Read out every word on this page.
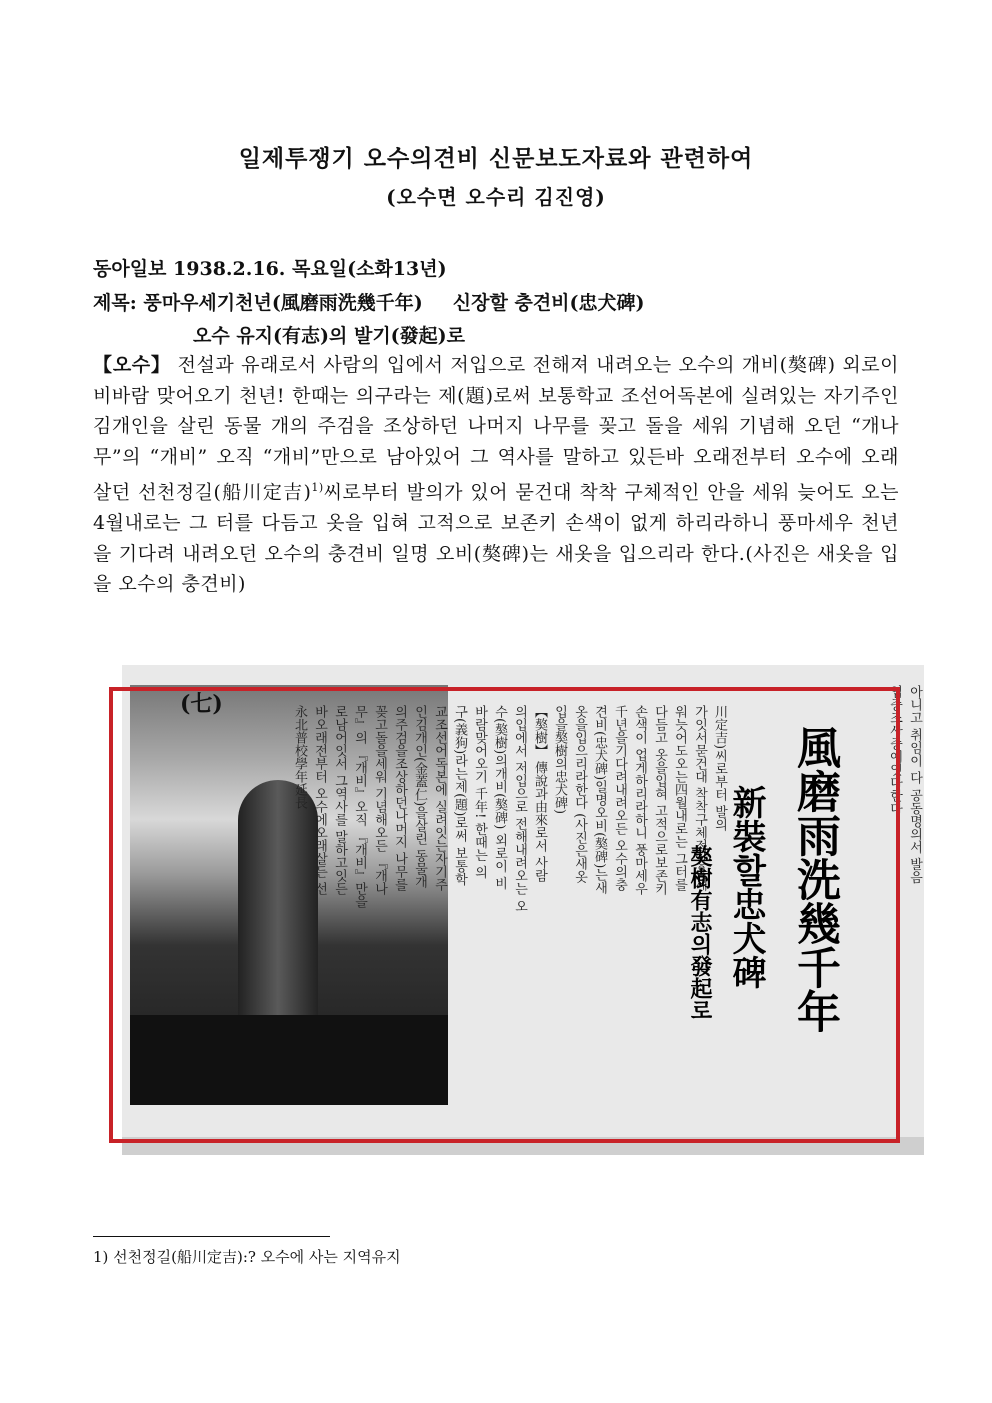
일제투쟁기 오수의견비 신문보도자료와 관련하여
(오수면 오수리 김진영)
동아일보 1938.2.16. 목요일(소화13년)
제목: 풍마우세기천년(風磨雨洗幾千年) 신장할 충견비(忠犬碑)
오수 유지(有志)의 발기(發起)로
【오수】 전설과 유래로서 사람의 입에서 저입으로 전해져 내려오는 오수의 개비(獒碑) 외로이 비바람 맞어오기 천년! 한때는 의구라는 제(題)로써 보통학교 조선어독본에 실려있는 자기주인 김개인을 살린 동물 개의 주검을 조상하던 나머지 나무를 꽂고 돌을 세워 기념해 오던 “개나무”의 “개비” 오직 “개비”만으로 남아있어 그 역사를 말하고 있든바 오래전부터 오수에 오래 살던 선천정길(船川定吉)$^{1)}$씨로부터 발의가 있어 묻건대 착착 구체적인 안을 세워 늦어도 오는 4월내로는 그 터를 다듬고 옷을 입혀 고적으로 보존키 손색이 없게 하리라하니 풍마세우 천년을 기다려 내려오던 오수의 충견비 일명 오비(獒碑)는 새옷을 입으리라 한다.(사진은 새옷을 입을 오수의 충견비)
(七)
川定吉)씨로부터 발의
가잇서묻건대 착착구체적안을세
워늣어도오는四월내로는 그터를
다듬고 옷을입혀 고적으로보존키
손색이 업게하리라하니 풍마세우
千년을기다려내려오든 오수의충
견비(忠犬碑)일명오비(獒碑)는새
옷을입으리라한다 (사진은새옷
입을獒樹의忠犬碑)
【獒樹】 傳說과由來로서 사람
의입에서 저입으로 전해내려오는 오
수(獒樹)의개비(獒碑) 외로이 비
바람맞어오기 千年! 한때는 의
구(義狗)라는제(題)로써 보통학
교조선어독본에 실려잇는자기주
인김개인(金蓋仁)을살린 동물개
의주검을조상하던나머지 나무를
꽂고돌을세워 기념해오든 『개나
무』의 『개비』오직 『개비』만을
로남어잇서 그역사를 말하고잇든
바오래전부터 오수에오래살든 선
永北普校學年延長	風磨雨洗幾千年
新裝할忠犬碑
獒樹有志의發起로
아니고 취임이 다 공동명의서 발음
업중조사중에잇다한다
1) 선천정길(船川定吉):? 오수에 사는 지역유지
